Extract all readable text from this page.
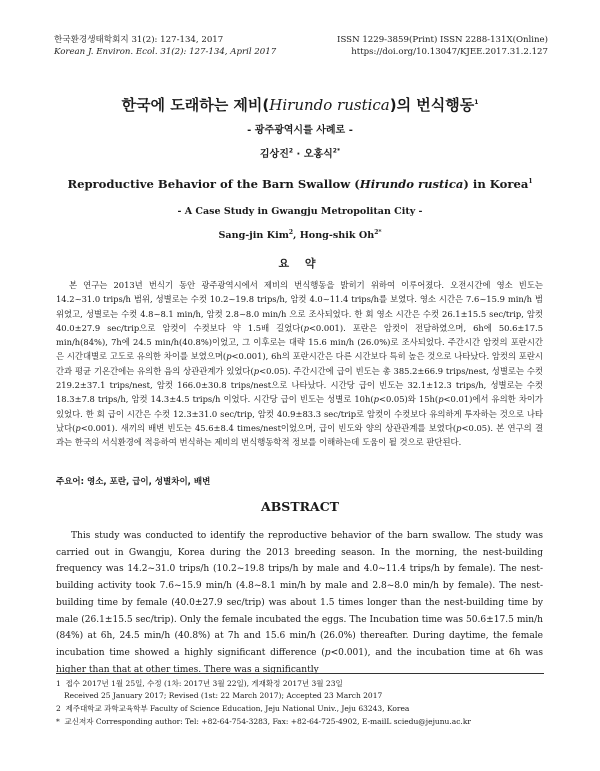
한국환경생태학회지 31(2): 127-134, 2017
Korean J. Environ. Ecol. 31(2): 127-134, April 2017
ISSN 1229-3859(Print) ISSN 2288-131X(Online)
https://doi.org/10.13047/KJEE.2017.31.2.127
한국에 도래하는 제비(Hirundo rustica)의 번식행동$^1$
- 광주광역시를 사례로 -
김상진$^2$ · 오홍식$^{2*}$
Reproductive Behavior of the Barn Swallow (Hirundo rustica) in Korea$^1$
- A Case Study in Gwangju Metropolitan City -
Sang-jin Kim$^2$, Hong-shik $Oh^{2*}$
요 약

본 연구는 2013년 번식기 동안 광주광역시에서 제비의 번식행동을 밝히기 위하여 이루어졌다. 오전시간에 영소 빈도는 14.2~31.0 trips/h 범위, 성별로는 수컷 10.2~19.8 trips/h, 암컷 4.0~11.4 trips/h를 보였다. 영소 시간은 7.6~15.9 min/h 범위였고, 성별로는 수컷 4.8~8.1 min/h, 암컷 2.8~8.0 min/h 으로 조사되었다. 한 회 영소 시간은 수컷 26.1±15.5 sec/trip, 암컷 40.0±27.9 sec/trip으로 암컷이 수컷보다 약 1.5배 길었다(p<0.001). 포란은 암컷이 전담하였으며, 6h에 50.6±17.5 min/h(84%), 7h에 24.5 min/h(40.8%)이었고, 그 이후로는 대략 15.6 min/h (26.0%)로 조사되었다. 주간시간 암컷의 포란시간은 시간대별로 고도로 유의한 차이를 보였으며(p<0.001), 6h의 포란시간은 다른 시간보다 특히 높은 것으로 나타났다. 암컷의 포란시간과 평균 기온간에는 유의한 음의 상관관계가 있었다(p<0.05). 주간시간에 급이 빈도는 총 385.2±66.9 trips/nest, 성별로는 수컷 219.2±37.1 trips/nest, 암컷 166.0±30.8 trips/nest으로 나타났다. 시간당 급이 빈도는 32.1±12.3 trips/h, 성별로는 수컷 18.3±7.8 trips/h, 암컷 14.3±4.5 trips/h 이었다. 시간당 급이 빈도는 성별로 10h(p<0.05)와 15h(p<0.01)에서 유의한 차이가 있었다. 한 회 급이 시간은 수컷 12.3±31.0 sec/trip, 암컷 40.9±83.3 sec/trip로 암컷이 수컷보다 유의하게 투자하는 것으로 나타났다(p<0.001). 새끼의 배변 빈도는 45.6±8.4 times/nest이었으며, 급이 빈도와 양의 상관관계를 보였다(p<0.05). 본 연구의 결과는 한국의 서식환경에 적응하여 번식하는 제비의 번식행동학적 정보를 이해하는데 도움이 될 것으로 판단된다.

주요어: 영소, 포란, 급이, 성별차이, 배변
ABSTRACT

This study was conducted to identify the reproductive behavior of the barn swallow. The study was carried out in Gwangju, Korea during the 2013 breeding season. In the morning, the nest-building frequency was 14.2~31.0 trips/h (10.2~19.8 trips/h by male and 4.0~11.4 trips/h by female). The nest-building activity took 7.6~15.9 min/h (4.8~8.1 min/h by male and 2.8~8.0 min/h by female). The nest-building time by female (40.0±27.9 sec/trip) was about 1.5 times longer than the nest-building time by male (26.1±15.5 sec/trip). Only the female incubated the eggs. The Incubation time was 50.6±17.5 min/h (84%) at 6h, 24.5 min/h (40.8%) at 7h and 15.6 min/h (26.0%) thereafter. During daytime, the female incubation time showed a highly significant difference (p<0.001), and the incubation time at 6h was higher than that at other times. There was a significantly

1 접수 2017년 1월 25일, 수정 (1차: 2017년 3월 22일), 게재확정 2017년 3월 23일
Received 25 January 2017; Revised (1st: 22 March 2017); Accepted 23 March 2017
2 제주대학교 과학교육학부 Faculty of Science Education, Jeju National Univ., Jeju 63243, Korea
* 교신저자 Corresponding author: Tel: +82-64-754-3283, Fax: +82-64-725-4902, E-mailL sciedu@jejunu.ac.kr
